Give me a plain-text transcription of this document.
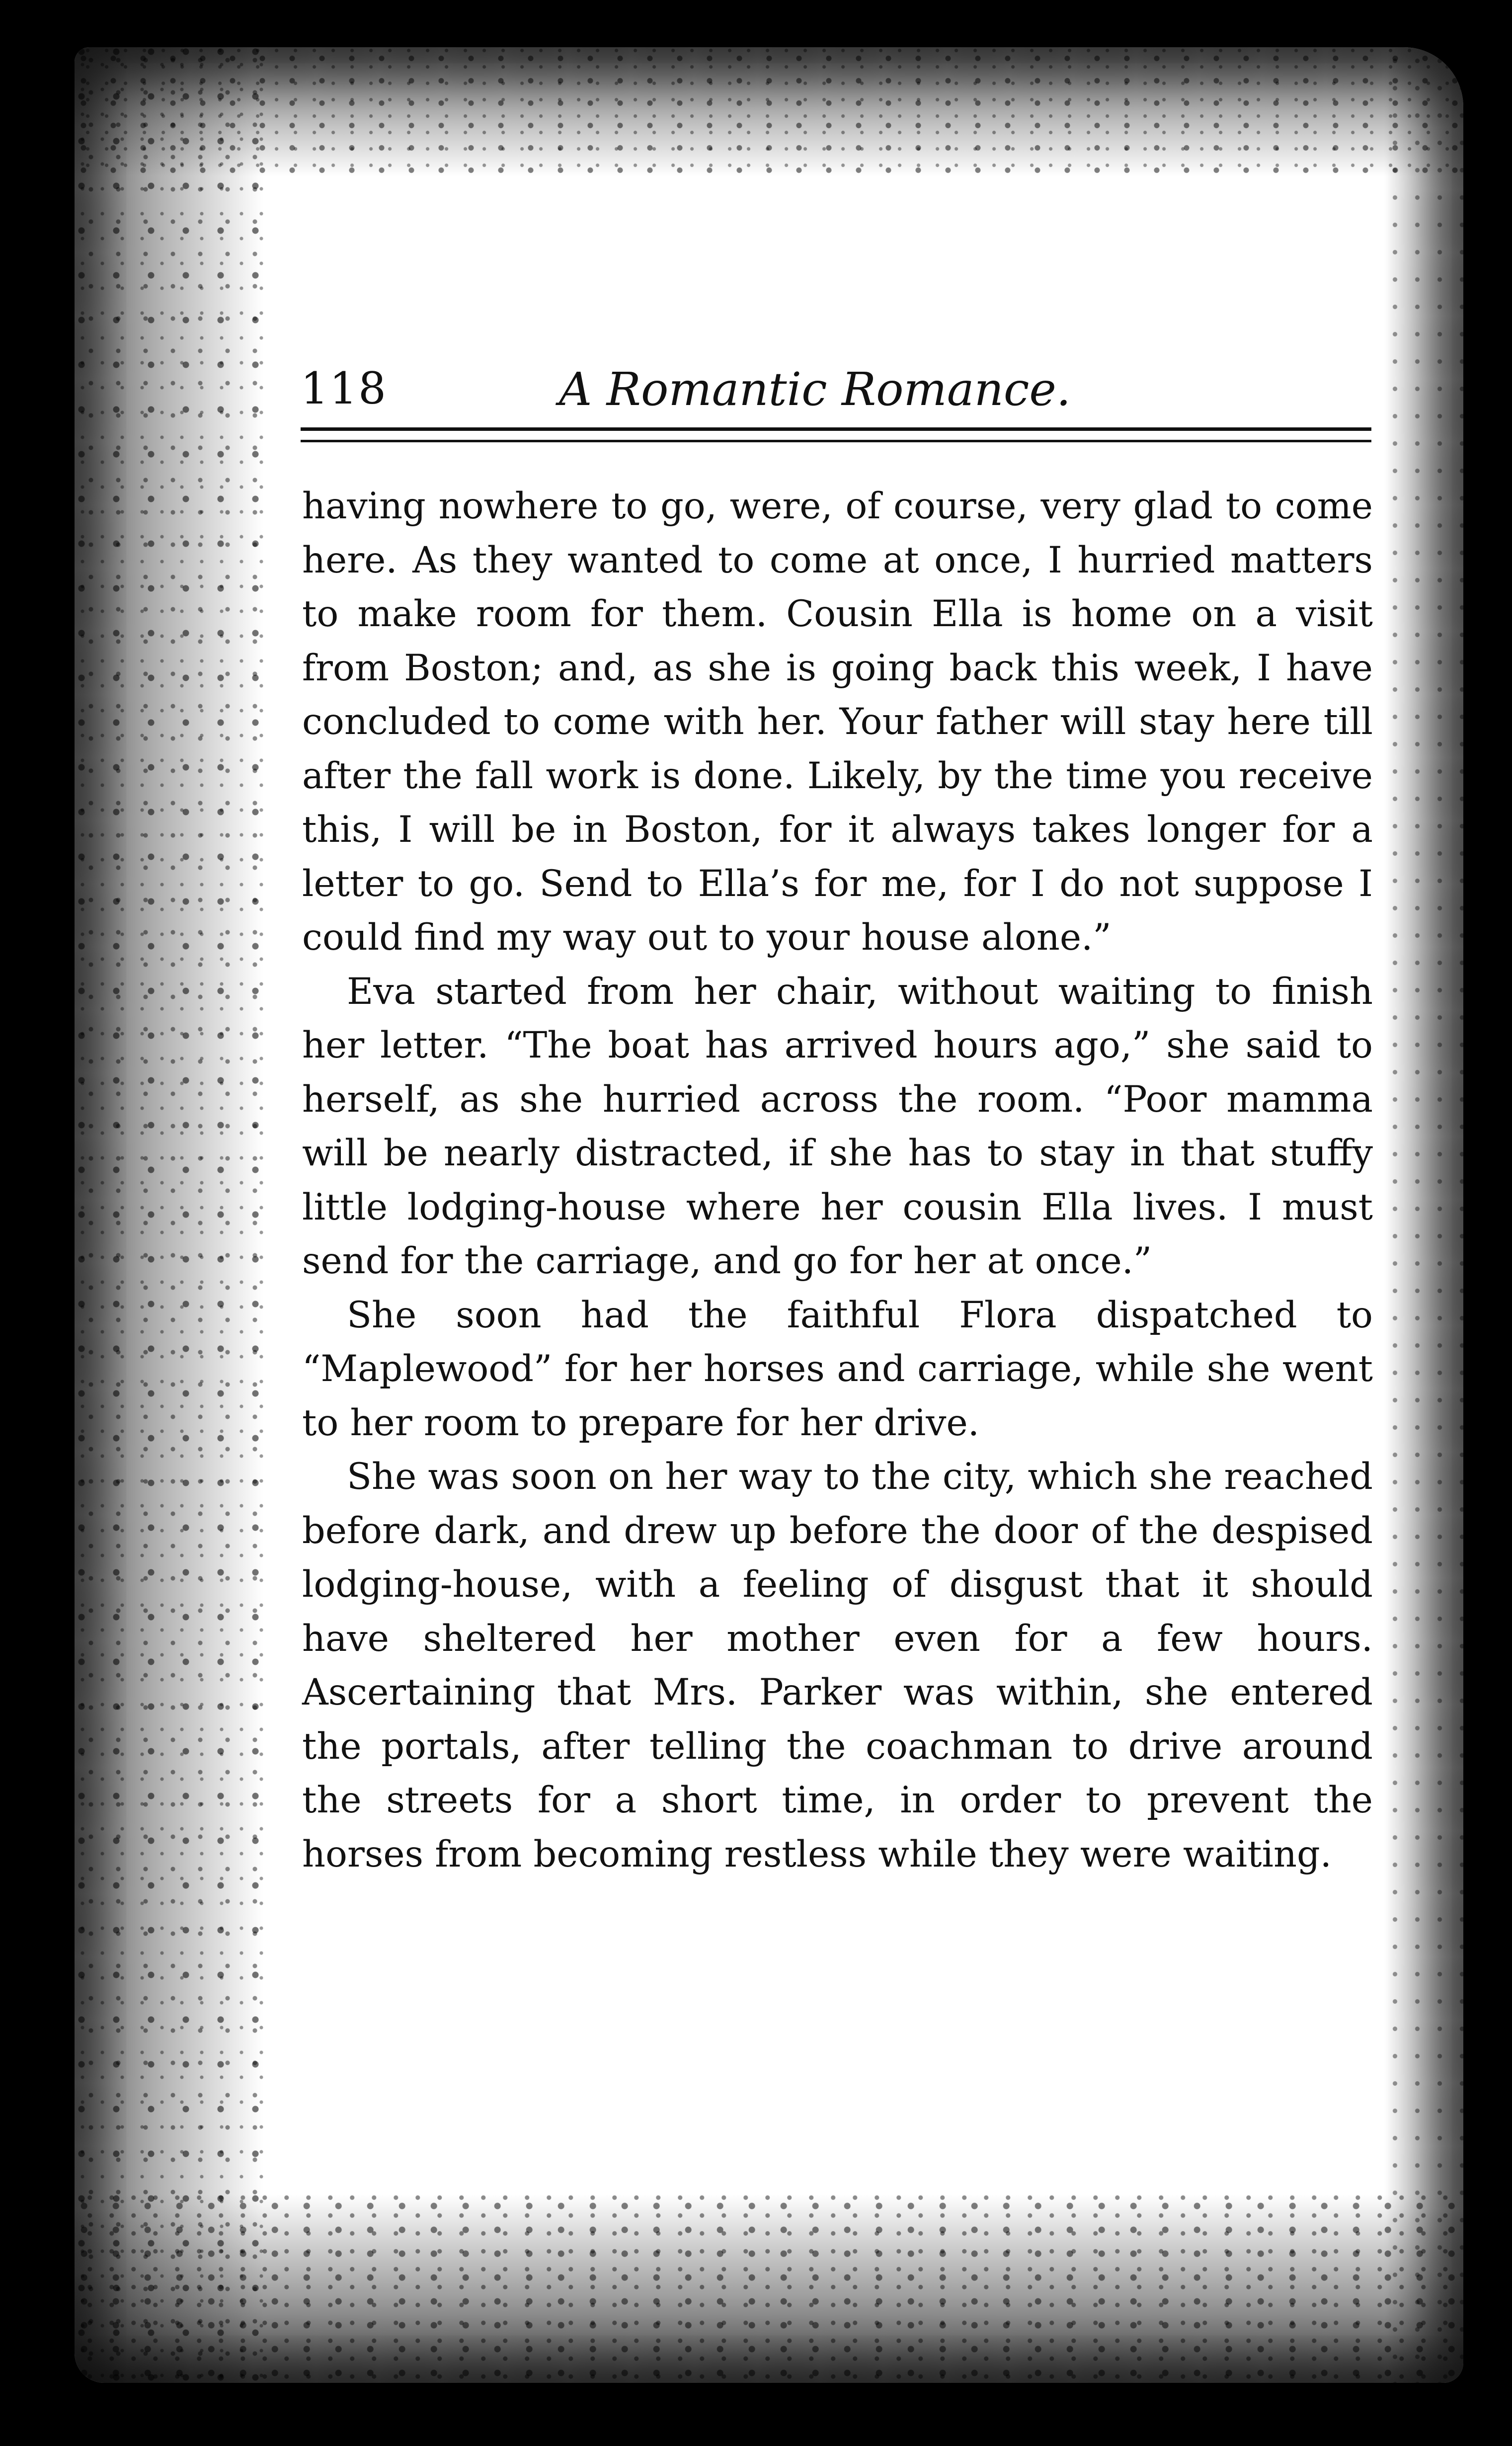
118	A Romantic Romance.

having nowhere to go, were, of course, very glad to come here. As they wanted to come at once, I hurried matters to make room for them. Cousin Ella is home on a visit from Boston; and, as she is going back this week, I have concluded to come with her. Your father will stay here till after the fall work is done. Likely, by the time you receive this, I will be in Boston, for it always takes longer for a letter to go. Send to Ella’s for me, for I do not suppose I could find my way out to your house alone.”

Eva started from her chair, without waiting to finish her letter. “The boat has arrived hours ago,” she said to herself, as she hurried across the room. “Poor mamma will be nearly distracted, if she has to stay in that stuffy little lodging-house where her cousin Ella lives. I must send for the carriage, and go for her at once.”

She soon had the faithful Flora dispatched to “Maplewood” for her horses and carriage, while she went to her room to prepare for her drive.

She was soon on her way to the city, which she reached before dark, and drew up before the door of the despised lodging-house, with a feeling of disgust that it should have sheltered her mother even for a few hours. Ascertaining that Mrs. Parker was within, she entered the portals, after telling the coachman to drive around the streets for a short time, in order to prevent the horses from becoming restless while they were waiting.
